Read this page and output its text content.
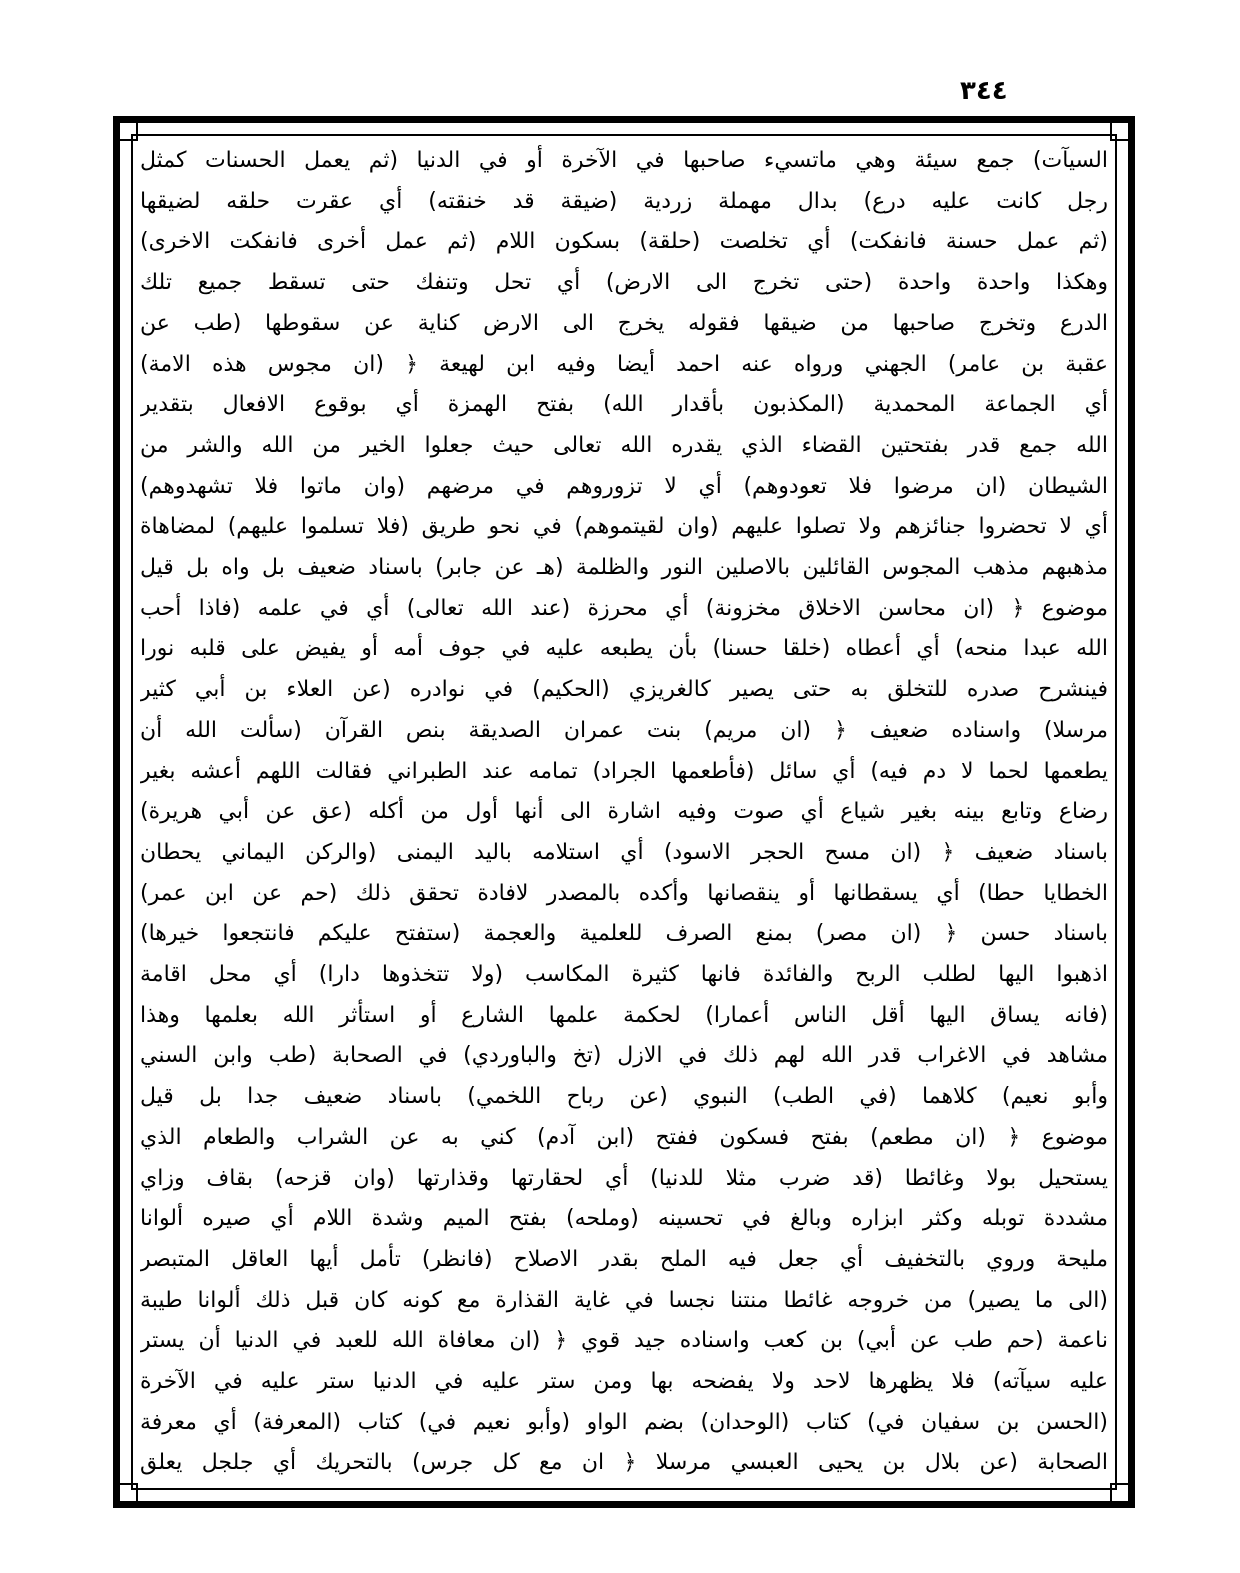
٣٤٤
السيآت) جمع سيئة وهي ماتسيء صاحبها في الآخرة أو في الدنيا (ثم يعمل الحسنات كمثل
رجل كانت عليه درع) بدال مهملة زردية (ضيقة قد خنقته) أي عقرت حلقه لضيقها
(ثم عمل حسنة فانفكت) أي تخلصت (حلقة) بسكون اللام (ثم عمل أخرى فانفكت الاخرى)
وهكذا واحدة واحدة (حتى تخرج الى الارض) أي تحل وتنفك حتى تسقط جميع تلك
الدرع وتخرج صاحبها من ضيقها فقوله يخرج الى الارض كناية عن سقوطها (طب عن
عقبة بن عامر) الجهني ورواه عنه احمد أيضا وفيه ابن لهيعة ﴿ (ان مجوس هذه الامة)
أي الجماعة المحمدية (المكذبون بأقدار الله) بفتح الهمزة أي بوقوع الافعال بتقدير
الله جمع قدر بفتحتين القضاء الذي يقدره الله تعالى حيث جعلوا الخير من الله والشر من
الشيطان (ان مرضوا فلا تعودوهم) أي لا تزوروهم في مرضهم (وان ماتوا فلا تشهدوهم)
أي لا تحضروا جنائزهم ولا تصلوا عليهم (وان لقيتموهم) في نحو طريق (فلا تسلموا عليهم) لمضاهاة
مذهبهم مذهب المجوس القائلين بالاصلين النور والظلمة (هـ عن جابر) باسناد ضعيف بل واه بل قيل
موضوع ﴿ (ان محاسن الاخلاق مخزونة) أي محرزة (عند الله تعالى) أي في علمه (فاذا أحب
الله عبدا منحه) أي أعطاه (خلقا حسنا) بأن يطبعه عليه في جوف أمه أو يفيض على قلبه نورا
فينشرح صدره للتخلق به حتى يصير كالغريزي (الحكيم) في نوادره (عن العلاء بن أبي كثير
مرسلا) واسناده ضعيف ﴿ (ان مريم) بنت عمران الصديقة بنص القرآن (سألت الله أن
يطعمها لحما لا دم فيه) أي سائل (فأطعمها الجراد) تمامه عند الطبراني فقالت اللهم أعشه بغير
رضاع وتابع بينه بغير شياع أي صوت وفيه اشارة الى أنها أول من أكله (عق عن أبي هريرة)
باسناد ضعيف ﴿ (ان مسح الحجر الاسود) أي استلامه باليد اليمنى (والركن اليماني يحطان
الخطايا حطا) أي يسقطانها أو ينقصانها وأكده بالمصدر لافادة تحقق ذلك (حم عن ابن عمر)
باسناد حسن ﴿ (ان مصر) بمنع الصرف للعلمية والعجمة (ستفتح عليكم فانتجعوا خيرها)
اذهبوا اليها لطلب الربح والفائدة فانها كثيرة المكاسب (ولا تتخذوها دارا) أي محل اقامة
(فانه يساق اليها أقل الناس أعمارا) لحكمة علمها الشارع أو استأثر الله بعلمها وهذا
مشاهد في الاغراب قدر الله لهم ذلك في الازل (تخ والباوردي) في الصحابة (طب وابن السني
وأبو نعيم) كلاهما (في الطب) النبوي (عن رباح اللخمي) باسناد ضعيف جدا بل قيل
موضوع ﴿ (ان مطعم) بفتح فسكون ففتح (ابن آدم) كني به عن الشراب والطعام الذي
يستحيل بولا وغائطا (قد ضرب مثلا للدنيا) أي لحقارتها وقذارتها (وان قزحه) بقاف وزاي
مشددة توبله وكثر ابزاره وبالغ في تحسينه (وملحه) بفتح الميم وشدة اللام أي صيره ألوانا
مليحة وروي بالتخفيف أي جعل فيه الملح بقدر الاصلاح (فانظر) تأمل أيها العاقل المتبصر
(الى ما يصير) من خروجه غائطا منتنا نجسا في غاية القذارة مع كونه كان قبل ذلك ألوانا طيبة
ناعمة (حم طب عن أبي) بن كعب واسناده جيد قوي ﴿ (ان معافاة الله للعبد في الدنيا أن يستر
عليه سيآته) فلا يظهرها لاحد ولا يفضحه بها ومن ستر عليه في الدنيا ستر عليه في الآخرة
(الحسن بن سفيان في) كتاب (الوحدان) بضم الواو (وأبو نعيم في) كتاب (المعرفة) أي معرفة
الصحابة (عن بلال بن يحيى العبسي مرسلا ﴿ ان مع كل جرس) بالتحريك أي جلجل يعلق
